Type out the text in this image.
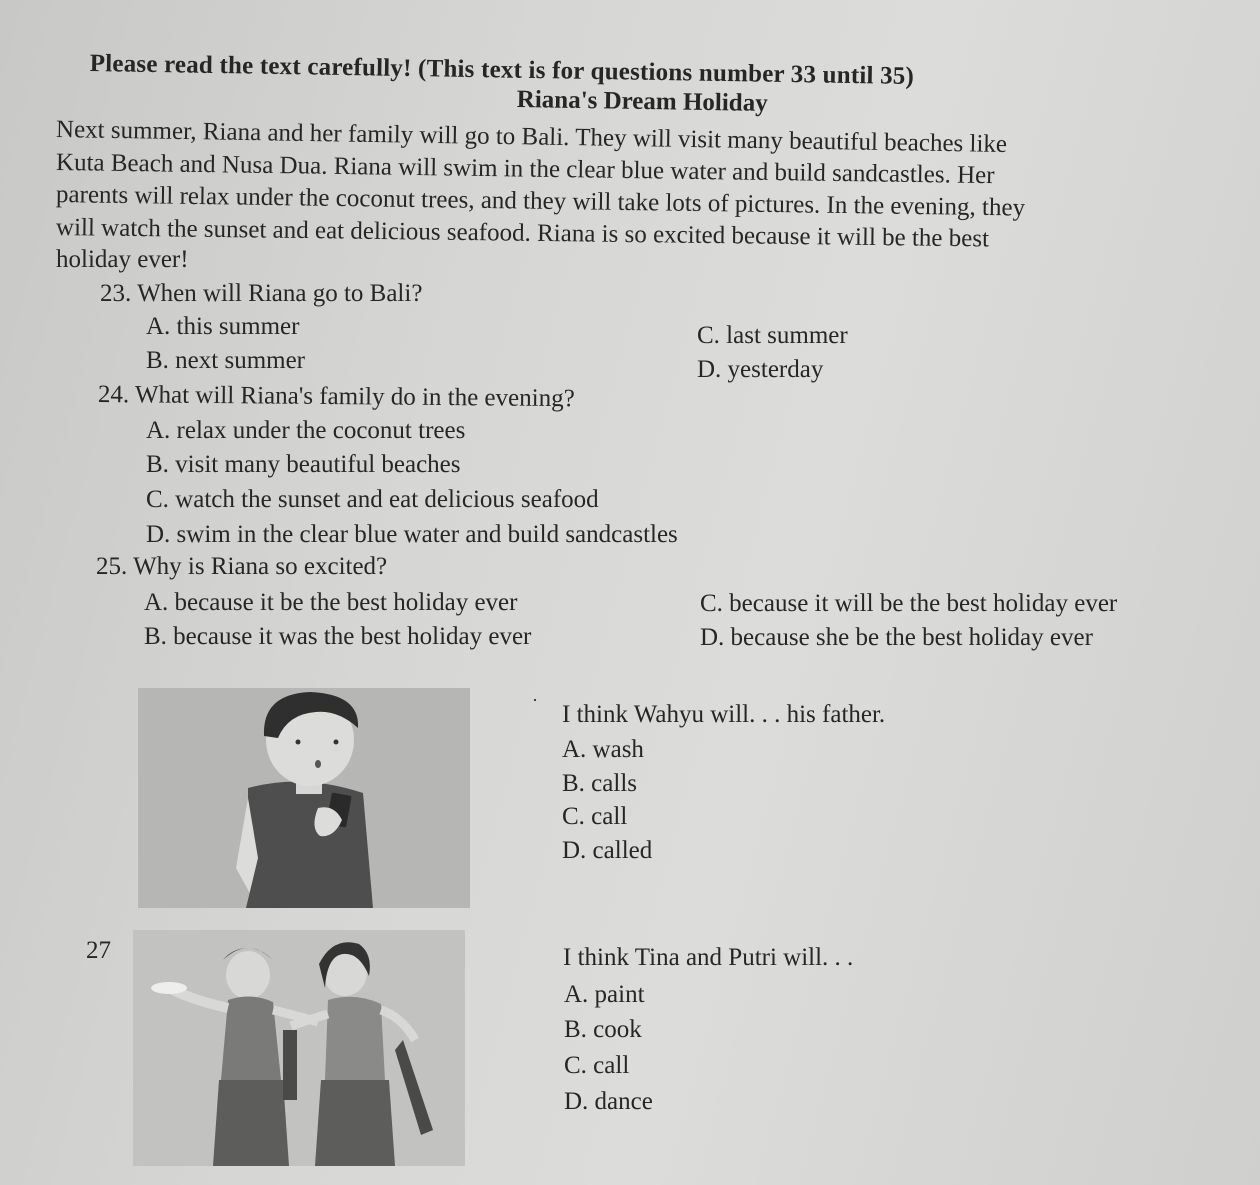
Please read the text carefully! (This text is for questions number 33 until 35)
Riana's Dream Holiday
Next summer, Riana and her family will go to Bali. They will visit many beautiful beaches like
Kuta Beach and Nusa Dua. Riana will swim in the clear blue water and build sandcastles. Her
parents will relax under the coconut trees, and they will take lots of pictures. In the evening, they
will watch the sunset and eat delicious seafood. Riana is so excited because it will be the best
holiday ever!
23. When will Riana go to Bali?
A. this summer
B. next summer
C. last summer
D. yesterday
24. What will Riana's family do in the evening?
A. relax under the coconut trees
B. visit many beautiful beaches
C. watch the sunset and eat delicious seafood
D. swim in the clear blue water and build sandcastles
25. Why is Riana so excited?
A. because it be the best holiday ever
B. because it was the best holiday ever
C. because it will be the best holiday ever
D. because she be the best holiday ever
·
I think Wahyu will. . . his father.
A. wash
B. calls
C. call
D. called
27	I think Tina and Putri will. . .
A. paint
B. cook
C. call
D. dance
